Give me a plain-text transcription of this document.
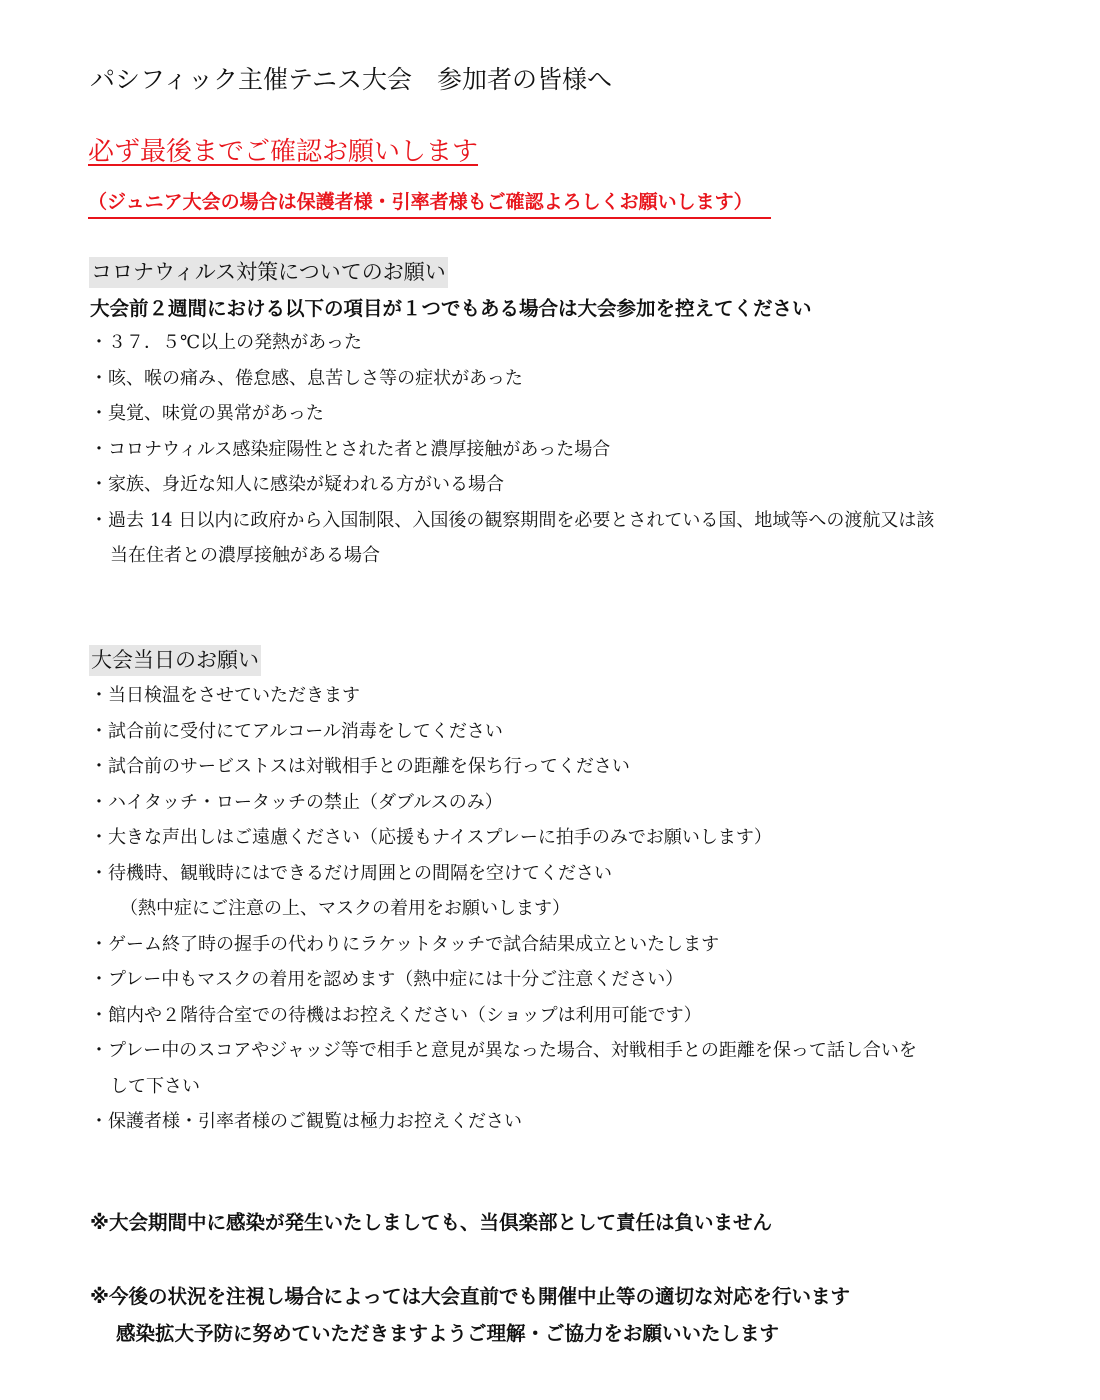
パシフィック主催テニス大会　参加者の皆様へ
必ず最後までご確認お願いします
（ジュニア大会の場合は保護者様・引率者様もご確認よろしくお願いします）
コロナウィルス対策についてのお願い
大会前２週間における以下の項目が１つでもある場合は大会参加を控えてください
・３７．５℃以上の発熱があった
・咳、喉の痛み、倦怠感、息苦しさ等の症状があった
・臭覚、味覚の異常があった
・コロナウィルス感染症陽性とされた者と濃厚接触があった場合
・家族、身近な知人に感染が疑われる方がいる場合
・過去 14 日以内に政府から入国制限、入国後の観察期間を必要とされている国、地域等への渡航又は該
当在住者との濃厚接触がある場合
大会当日のお願い
・当日検温をさせていただきます
・試合前に受付にてアルコール消毒をしてください
・試合前のサービストスは対戦相手との距離を保ち行ってください
・ハイタッチ・ロータッチの禁止（ダブルスのみ）
・大きな声出しはご遠慮ください（応援もナイスプレーに拍手のみでお願いします）
・待機時、観戦時にはできるだけ周囲との間隔を空けてください
（熱中症にご注意の上、マスクの着用をお願いします）
・ゲーム終了時の握手の代わりにラケットタッチで試合結果成立といたします
・プレー中もマスクの着用を認めます（熱中症には十分ご注意ください）
・館内や２階待合室での待機はお控えください（ショップは利用可能です）
・プレー中のスコアやジャッジ等で相手と意見が異なった場合、対戦相手との距離を保って話し合いを
して下さい
・保護者様・引率者様のご観覧は極力お控えください
※大会期間中に感染が発生いたしましても、当倶楽部として責任は負いません
※今後の状況を注視し場合によっては大会直前でも開催中止等の適切な対応を行います
感染拡大予防に努めていただきますようご理解・ご協力をお願いいたします
